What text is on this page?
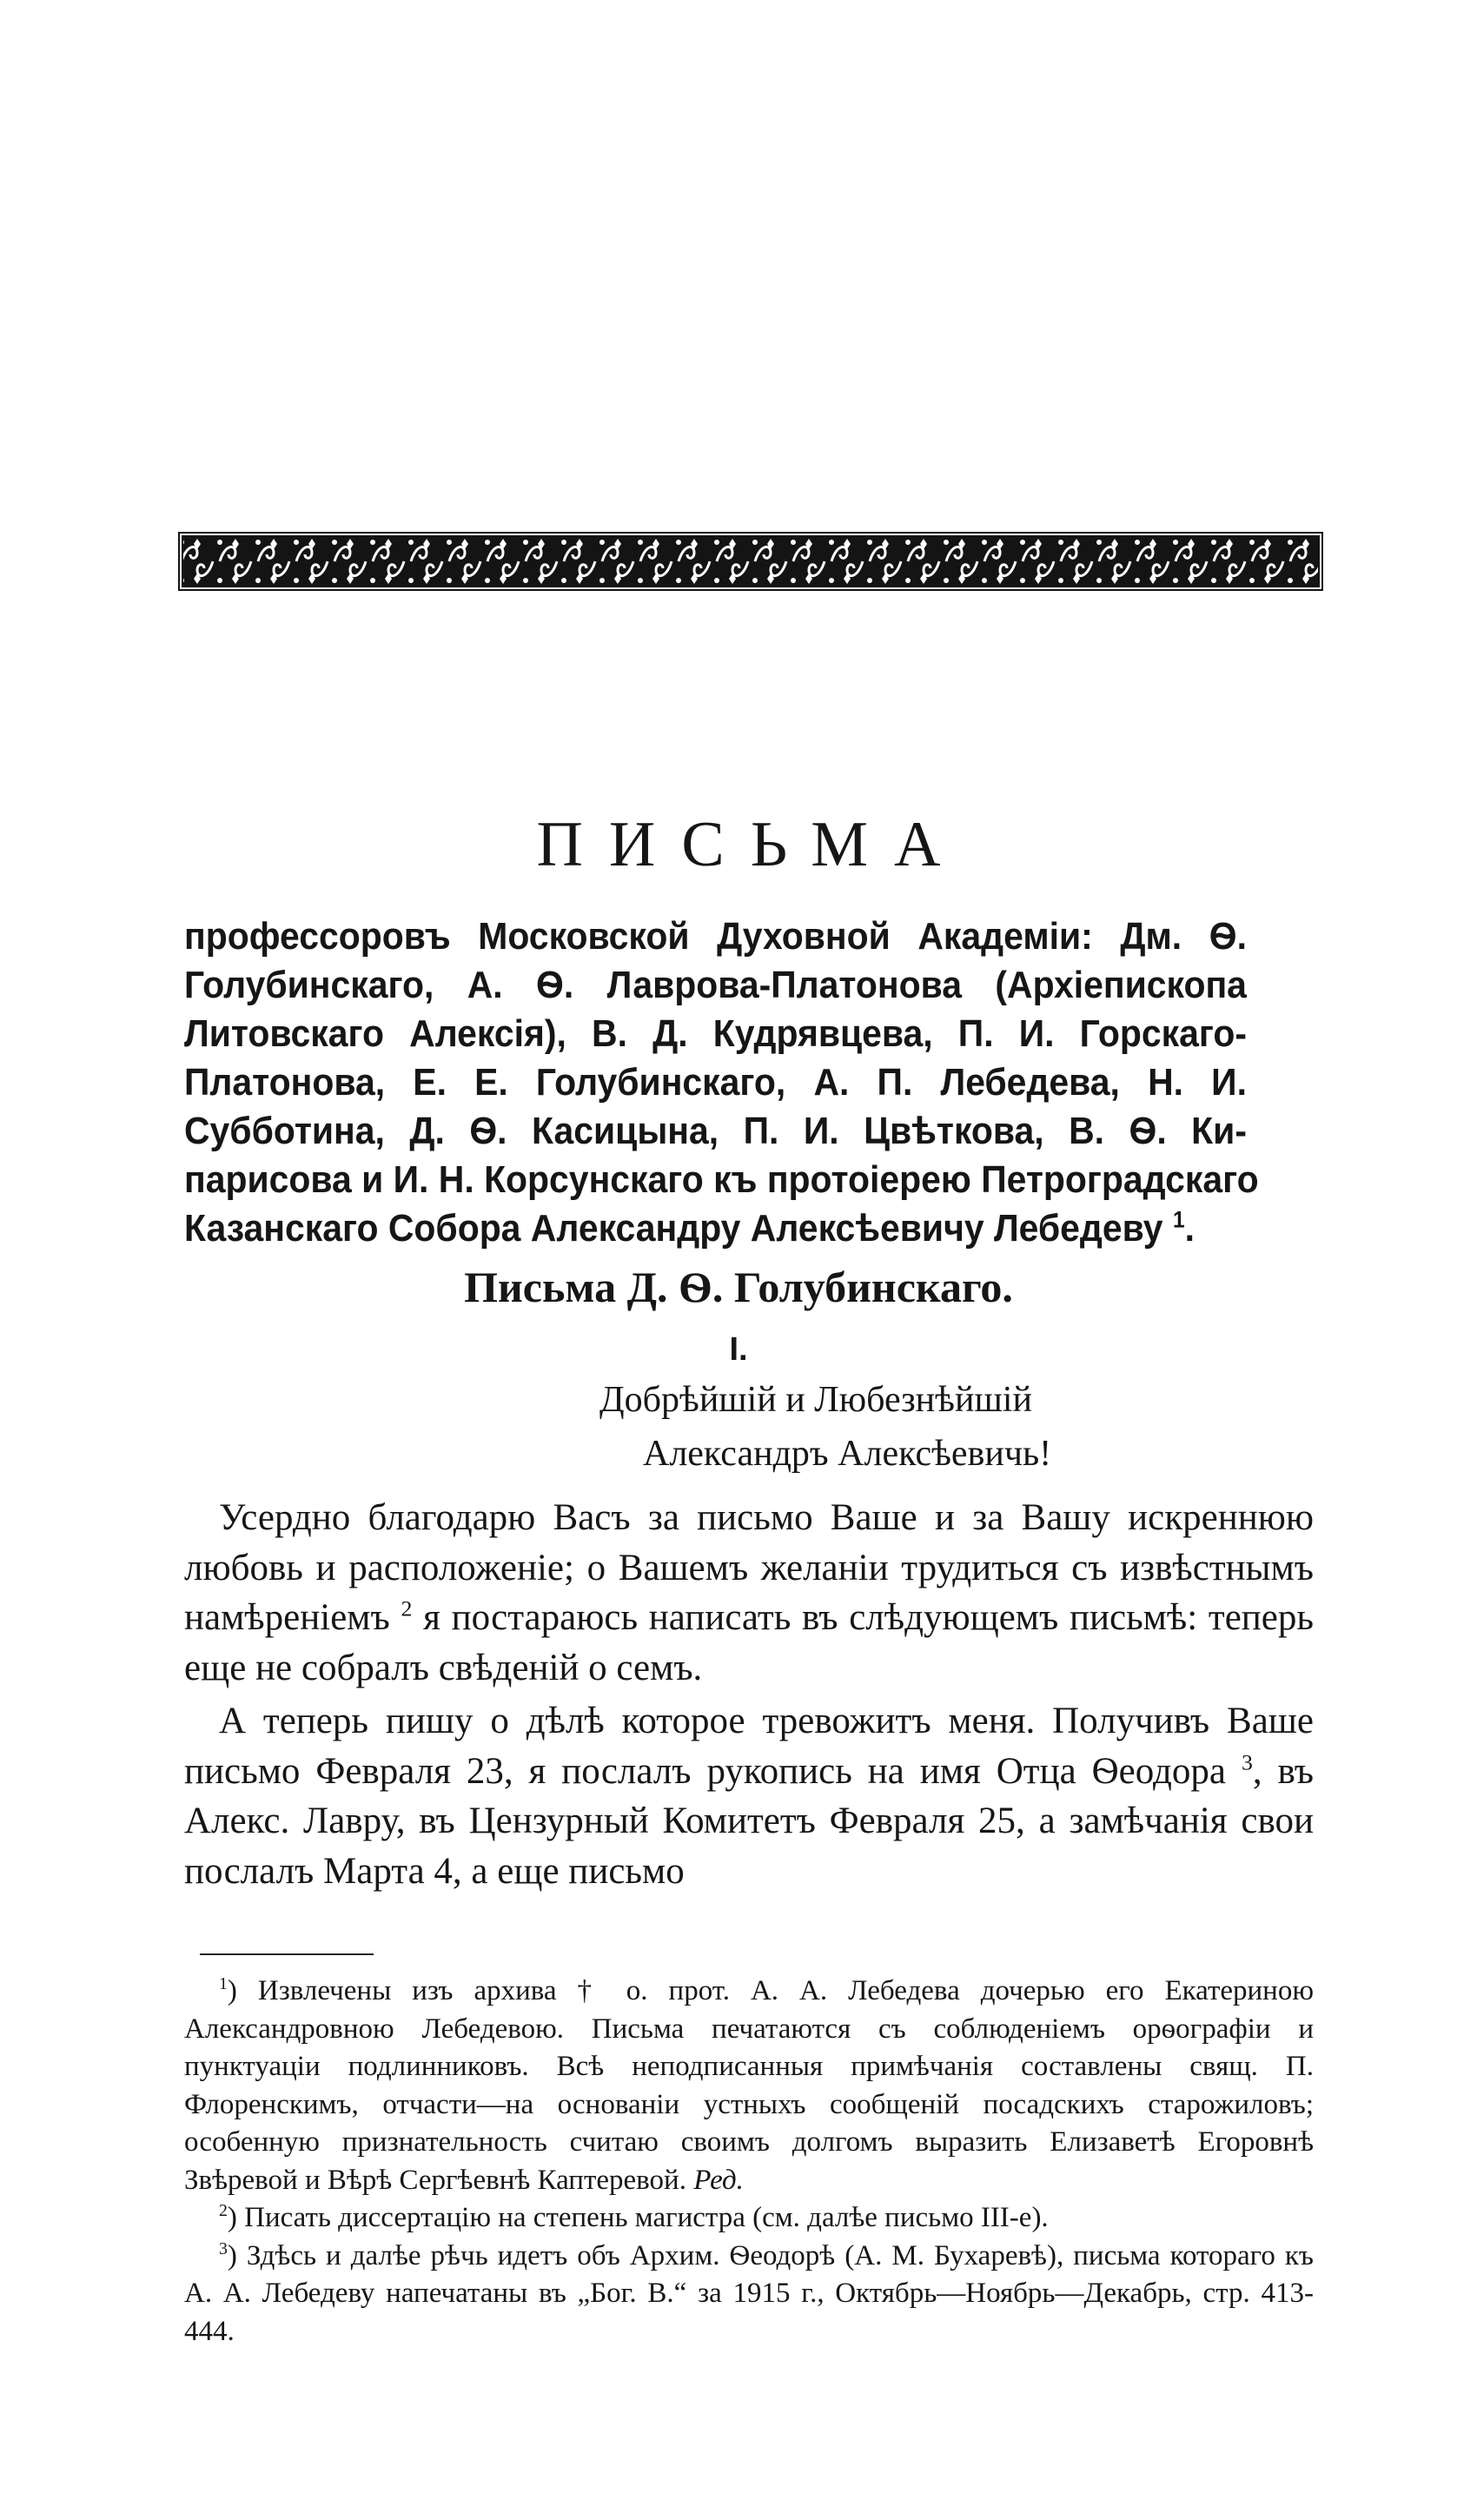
ПИСЬМА

профессоровъ Московской Духовной Академіи: Дм. Ѳ.
Голубинскаго, А. Ѳ. Лаврова-Платонова (Архіепископа
Литовскаго Алексія), В. Д. Кудрявцева, П. И. Горскаго-
Платонова, Е. Е. Голубинскаго, А. П. Лебедева, Н. И.
Субботина, Д. Ѳ. Касицына, П. И. Цвѣткова, В. Ѳ. Ки-
парисова и И. Н. Корсунскаго къ протоіерею Петроградскаго
Казанскаго Собора Александру Алексѣевичу Лебедеву $^1$.

Письма Д. Ѳ. Голубинскаго.
I.
Добрѣйшій и Любезнѣйшій
Александръ Алексѣевичь!

Усердно благодарю Васъ за письмо Ваше и за Вашу искреннюю любовь и расположеніе; о Вашемъ желаніи трудиться съ извѣстнымъ намѣреніемъ $^2$ я постараюсь написать въ слѣдующемъ письмѣ: теперь еще не собралъ свѣденій о семъ.

А теперь пишу о дѣлѣ которое тревожитъ меня. Получивъ Ваше письмо Февраля 23, я послалъ рукопись на имя Отца Ѳеодора $^3$, въ Алекс. Лавру, въ Цензурный Комитетъ Февраля 25, а замѣчанія свои послалъ Марта 4, а еще письмо

$^1$) Извлечены изъ архива † о. прот. А. А. Лебедева дочерью его Екатериною Александровною Лебедевою. Письма печатаются съ соблюденіемъ орѳографіи и пунктуаціи подлинниковъ. Всѣ неподписанныя примѣчанія составлены свящ. П. Флоренскимъ, отчасти—на основаніи устныхъ сообщеній посадскихъ старожиловъ; особенную признательность считаю своимъ долгомъ выразить Елизаветѣ Егоровнѣ Звѣревой и Вѣрѣ Сергѣевнѣ Каптеревой. Ред.

$^2$) Писать диссертацію на степень магистра (см. далѣе письмо III-е).

$^3$) Здѣсь и далѣе рѣчь идетъ объ Архим. Ѳеодорѣ (А. М. Бухаревѣ), письма котораго къ А. А. Лебедеву напечатаны въ „Бог. В.“ за 1915 г., Октябрь—Ноябрь—Декабрь, стр. 413-444.
